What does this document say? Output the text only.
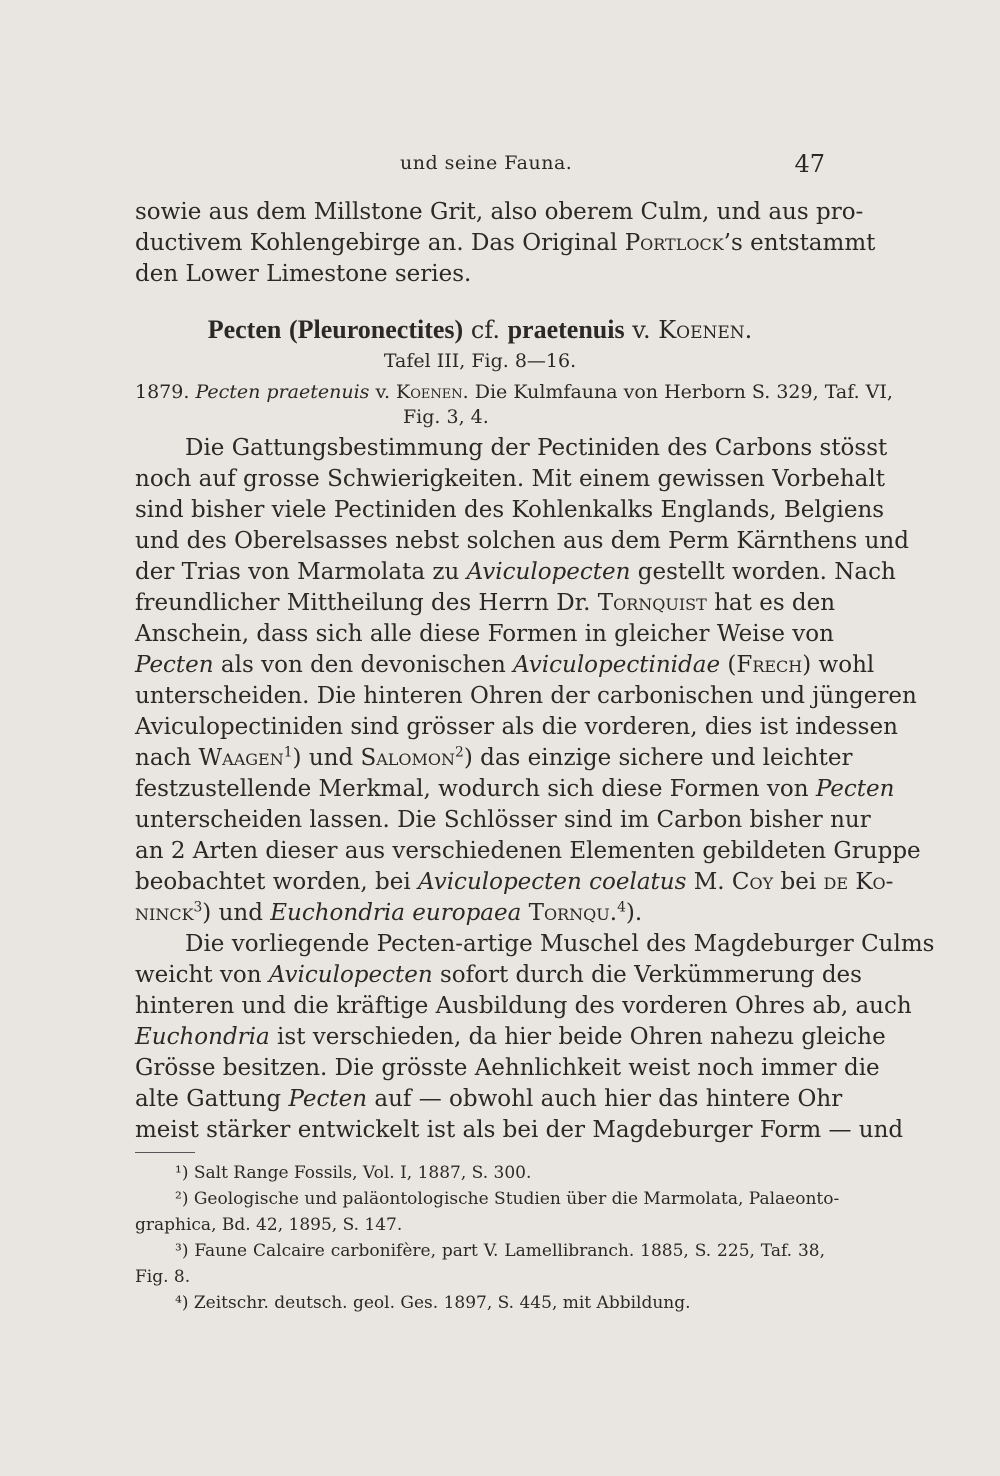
und seine Fauna.	47
sowie aus dem Millstone Grit, also oberem Culm, und aus pro-
ductivem Kohlengebirge an. Das Original Portlock’s entstammt
den Lower Limestone series.
Pecten (Pleuronectites) cf. praetenuis v. Koenen.
Tafel III, Fig. 8—16.
1879. Pecten praetenuis v. Koenen. Die Kulmfauna von Herborn S. 329, Taf. VI,
Fig. 3, 4.
Die Gattungsbestimmung der Pectiniden des Carbons stösst
noch auf grosse Schwierigkeiten. Mit einem gewissen Vorbehalt
sind bisher viele Pectiniden des Kohlenkalks Englands, Belgiens
und des Oberelsasses nebst solchen aus dem Perm Kärnthens und
der Trias von Marmolata zu Aviculopecten gestellt worden. Nach
freundlicher Mittheilung des Herrn Dr. Tornquist hat es den
Anschein, dass sich alle diese Formen in gleicher Weise von
Pecten als von den devonischen Aviculopectinidae (Frech) wohl
unterscheiden. Die hinteren Ohren der carbonischen und jüngeren
Aviculopectiniden sind grösser als die vorderen, dies ist indessen
nach Waagen$^1$) und Salomon$^2$) das einzige sichere und leichter
festzustellende Merkmal, wodurch sich diese Formen von Pecten
unterscheiden lassen. Die Schlösser sind im Carbon bisher nur
an 2 Arten dieser aus verschiedenen Elementen gebildeten Gruppe
beobachtet worden, bei Aviculopecten coelatus M. Coy bei de Ko-
ninck$^3$) und Euchondria europaea Tornqu.$^4$).
Die vorliegende Pecten-artige Muschel des Magdeburger Culms
weicht von Aviculopecten sofort durch die Verkümmerung des
hinteren und die kräftige Ausbildung des vorderen Ohres ab, auch
Euchondria ist verschieden, da hier beide Ohren nahezu gleiche
Grösse besitzen. Die grösste Aehnlichkeit weist noch immer die
alte Gattung Pecten auf — obwohl auch hier das hintere Ohr
meist stärker entwickelt ist als bei der Magdeburger Form — und
¹) Salt Range Fossils, Vol. I, 1887, S. 300.
²) Geologische und paläontologische Studien über die Marmolata, Palaeonto-
graphica, Bd. 42, 1895, S. 147.
³) Faune Calcaire carbonifère, part V. Lamellibranch. 1885, S. 225, Taf. 38,
Fig. 8.
⁴) Zeitschr. deutsch. geol. Ges. 1897, S. 445, mit Abbildung.
